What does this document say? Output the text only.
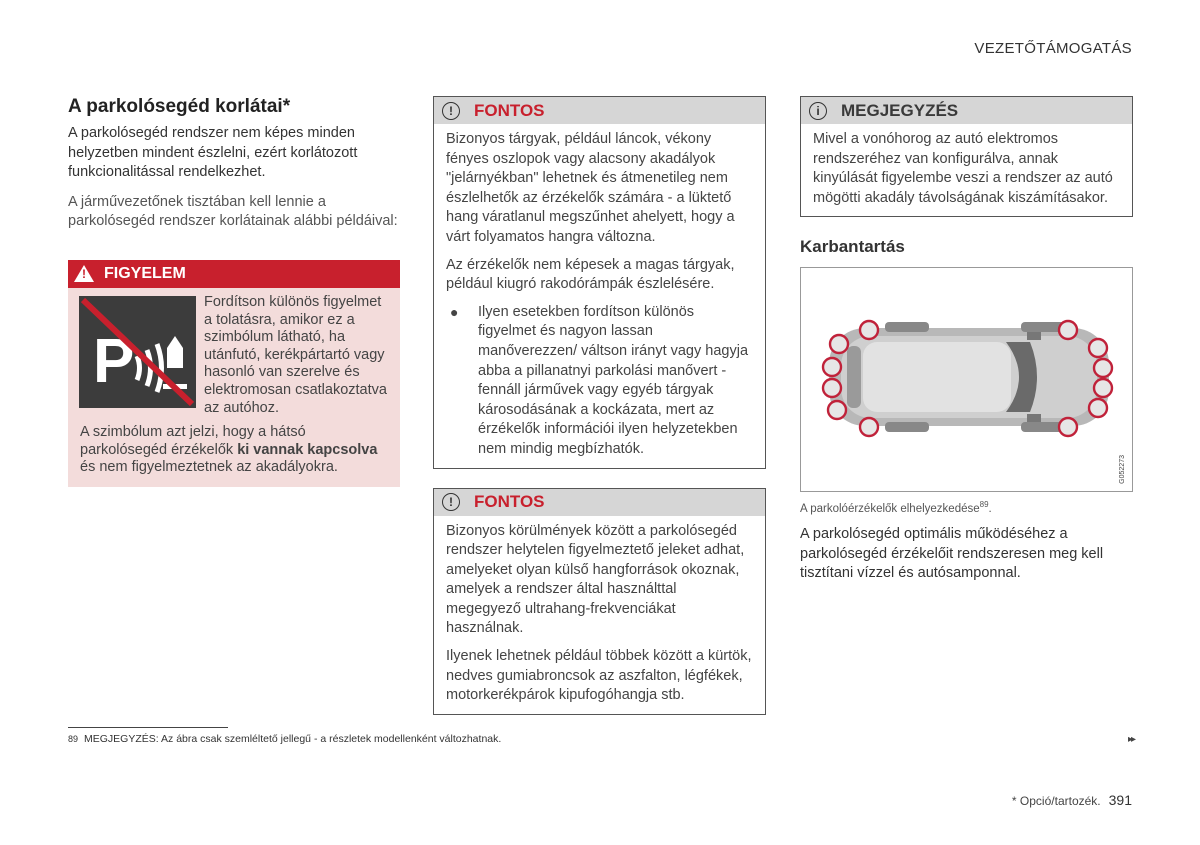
VEZETŐTÁMOGATÁS
A parkolósegéd korlátai*

A parkolósegéd rendszer nem képes minden helyzetben mindent észlelni, ezért korlátozott funkcionalitással rendelkezhet.

A járművezetőnek tisztában kell lennie a parkolósegéd rendszer korlátainak alábbi példáival:

! FIGYELEM
P
Fordítson különös figyelmet a tolatásra, amikor ez a szimbólum látható, ha utánfutó, kerékpártartó vagy hasonló van szerelve és elektromosan csatlakoztatva az autóhoz.

A szimbólum azt jelzi, hogy a hátsó parkolósegéd érzékelők ki vannak kapcsolva és nem figyelmeztetnek az akadályokra.

!	FONTOS

Bizonyos tárgyak, például láncok, vékony fényes oszlopok vagy alacsony akadályok "jelárnyékban" lehetnek és átmenetileg nem észlelhetők az érzékelők számára - a lüktető hang váratlanul megszűnhet ahelyett, hogy a várt folyamatos hangra változna.

Az érzékelők nem képesek a magas tárgyak, például kiugró rakodórámpák észlelésére.

●	Ilyen esetekben fordítson különös figyelmet és nagyon lassan manőverezzen/ váltson irányt vagy hagyja abba a pillanatnyi parkolási manővert - fennáll járművek vagy egyéb tárgyak károsodásának a kockázata, mert az érzékelők információi ilyen helyzetekben nem mindig megbízhatók.

!	FONTOS

Bizonyos körülmények között a parkolósegéd rendszer helytelen figyelmeztető jeleket adhat, amelyeket olyan külső hangforrások okoznak, amelyek a rendszer által használttal megegyező ultrahang-frekvenciákat használnak.

Ilyenek lehetnek például többek között a kürtök, nedves gumiabroncsok az aszfalton, légfékek, motorkerékpárok kipufogóhangja stb.

i	MEGJEGYZÉS

Mivel a vonóhorog az autó elektromos rendszeréhez van konfigurálva, annak kinyúlását figyelembe veszi a rendszer az autó mögötti akadály távolságának kiszámításakor.

Karbantartás
G052273
A parkolóérzékelők elhelyezkedése$^{89}$.

A parkolósegéd optimális működéséhez a parkolósegéd érzékelőit rendszeresen meg kell tisztítani vízzel és autósamponnal.

89 MEGJEGYZÉS: Az ábra csak szemléltető jellegű - a részletek modellenként változhatnak.	▸▸
* Opció/tartozék. 391
